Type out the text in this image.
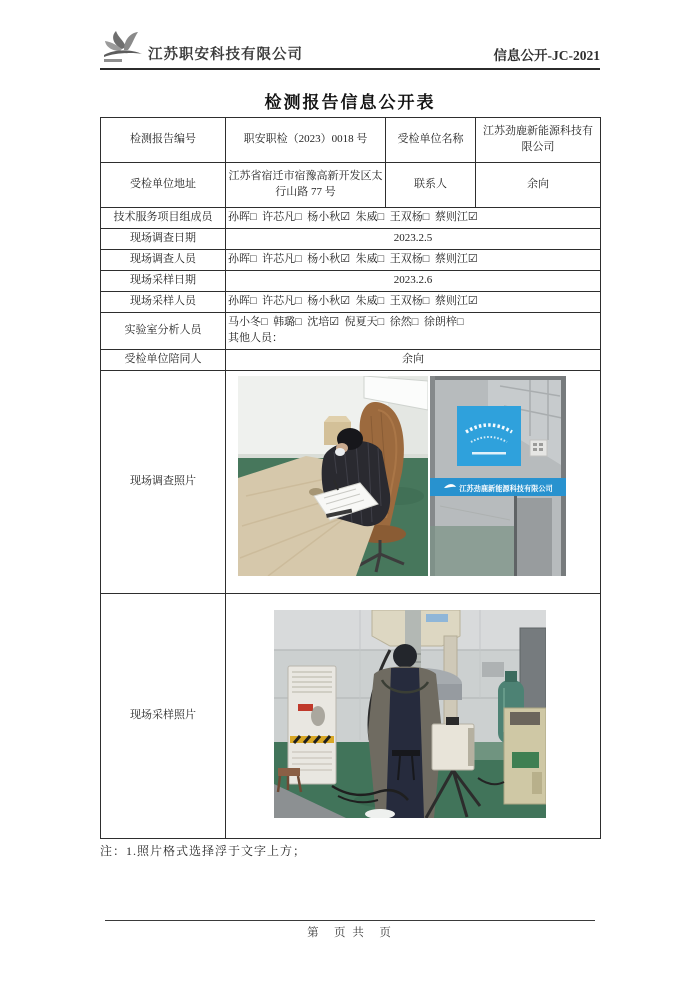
江苏职安科技有限公司	信息公开-JC-2021
检测报告信息公开表
检测报告编号	职安职检（2023）0018 号	受检单位名称	江苏劲鹿新能源科技有限公司
受检单位地址	江苏省宿迁市宿豫高新开发区太行山路 77 号	联系人	余向
技术服务项目组成员	孙晖□  许芯凡□  杨小秋☑  朱威□  王双杨□  蔡则江☑		
现场调查日期	2023.2.5		
现场调查人员	孙晖□  许芯凡□  杨小秋☑  朱威□  王双杨□  蔡则江☑		
现场采样日期	2023.2.6		
现场采样人员	孙晖□  许芯凡□  杨小秋☑  朱威□  王双杨□  蔡则江☑		
实验室分析人员	马小冬□  韩璐□  沈培☑  倪夏天□  徐然□  徐朗梓□
其他人员：		

受检单位陪同人	余向		
现场调查照片	江苏劲鹿新能源科技有限公司		

现场采样照片	
注：1.照片格式选择浮于文字上方；
第　页 共　页
